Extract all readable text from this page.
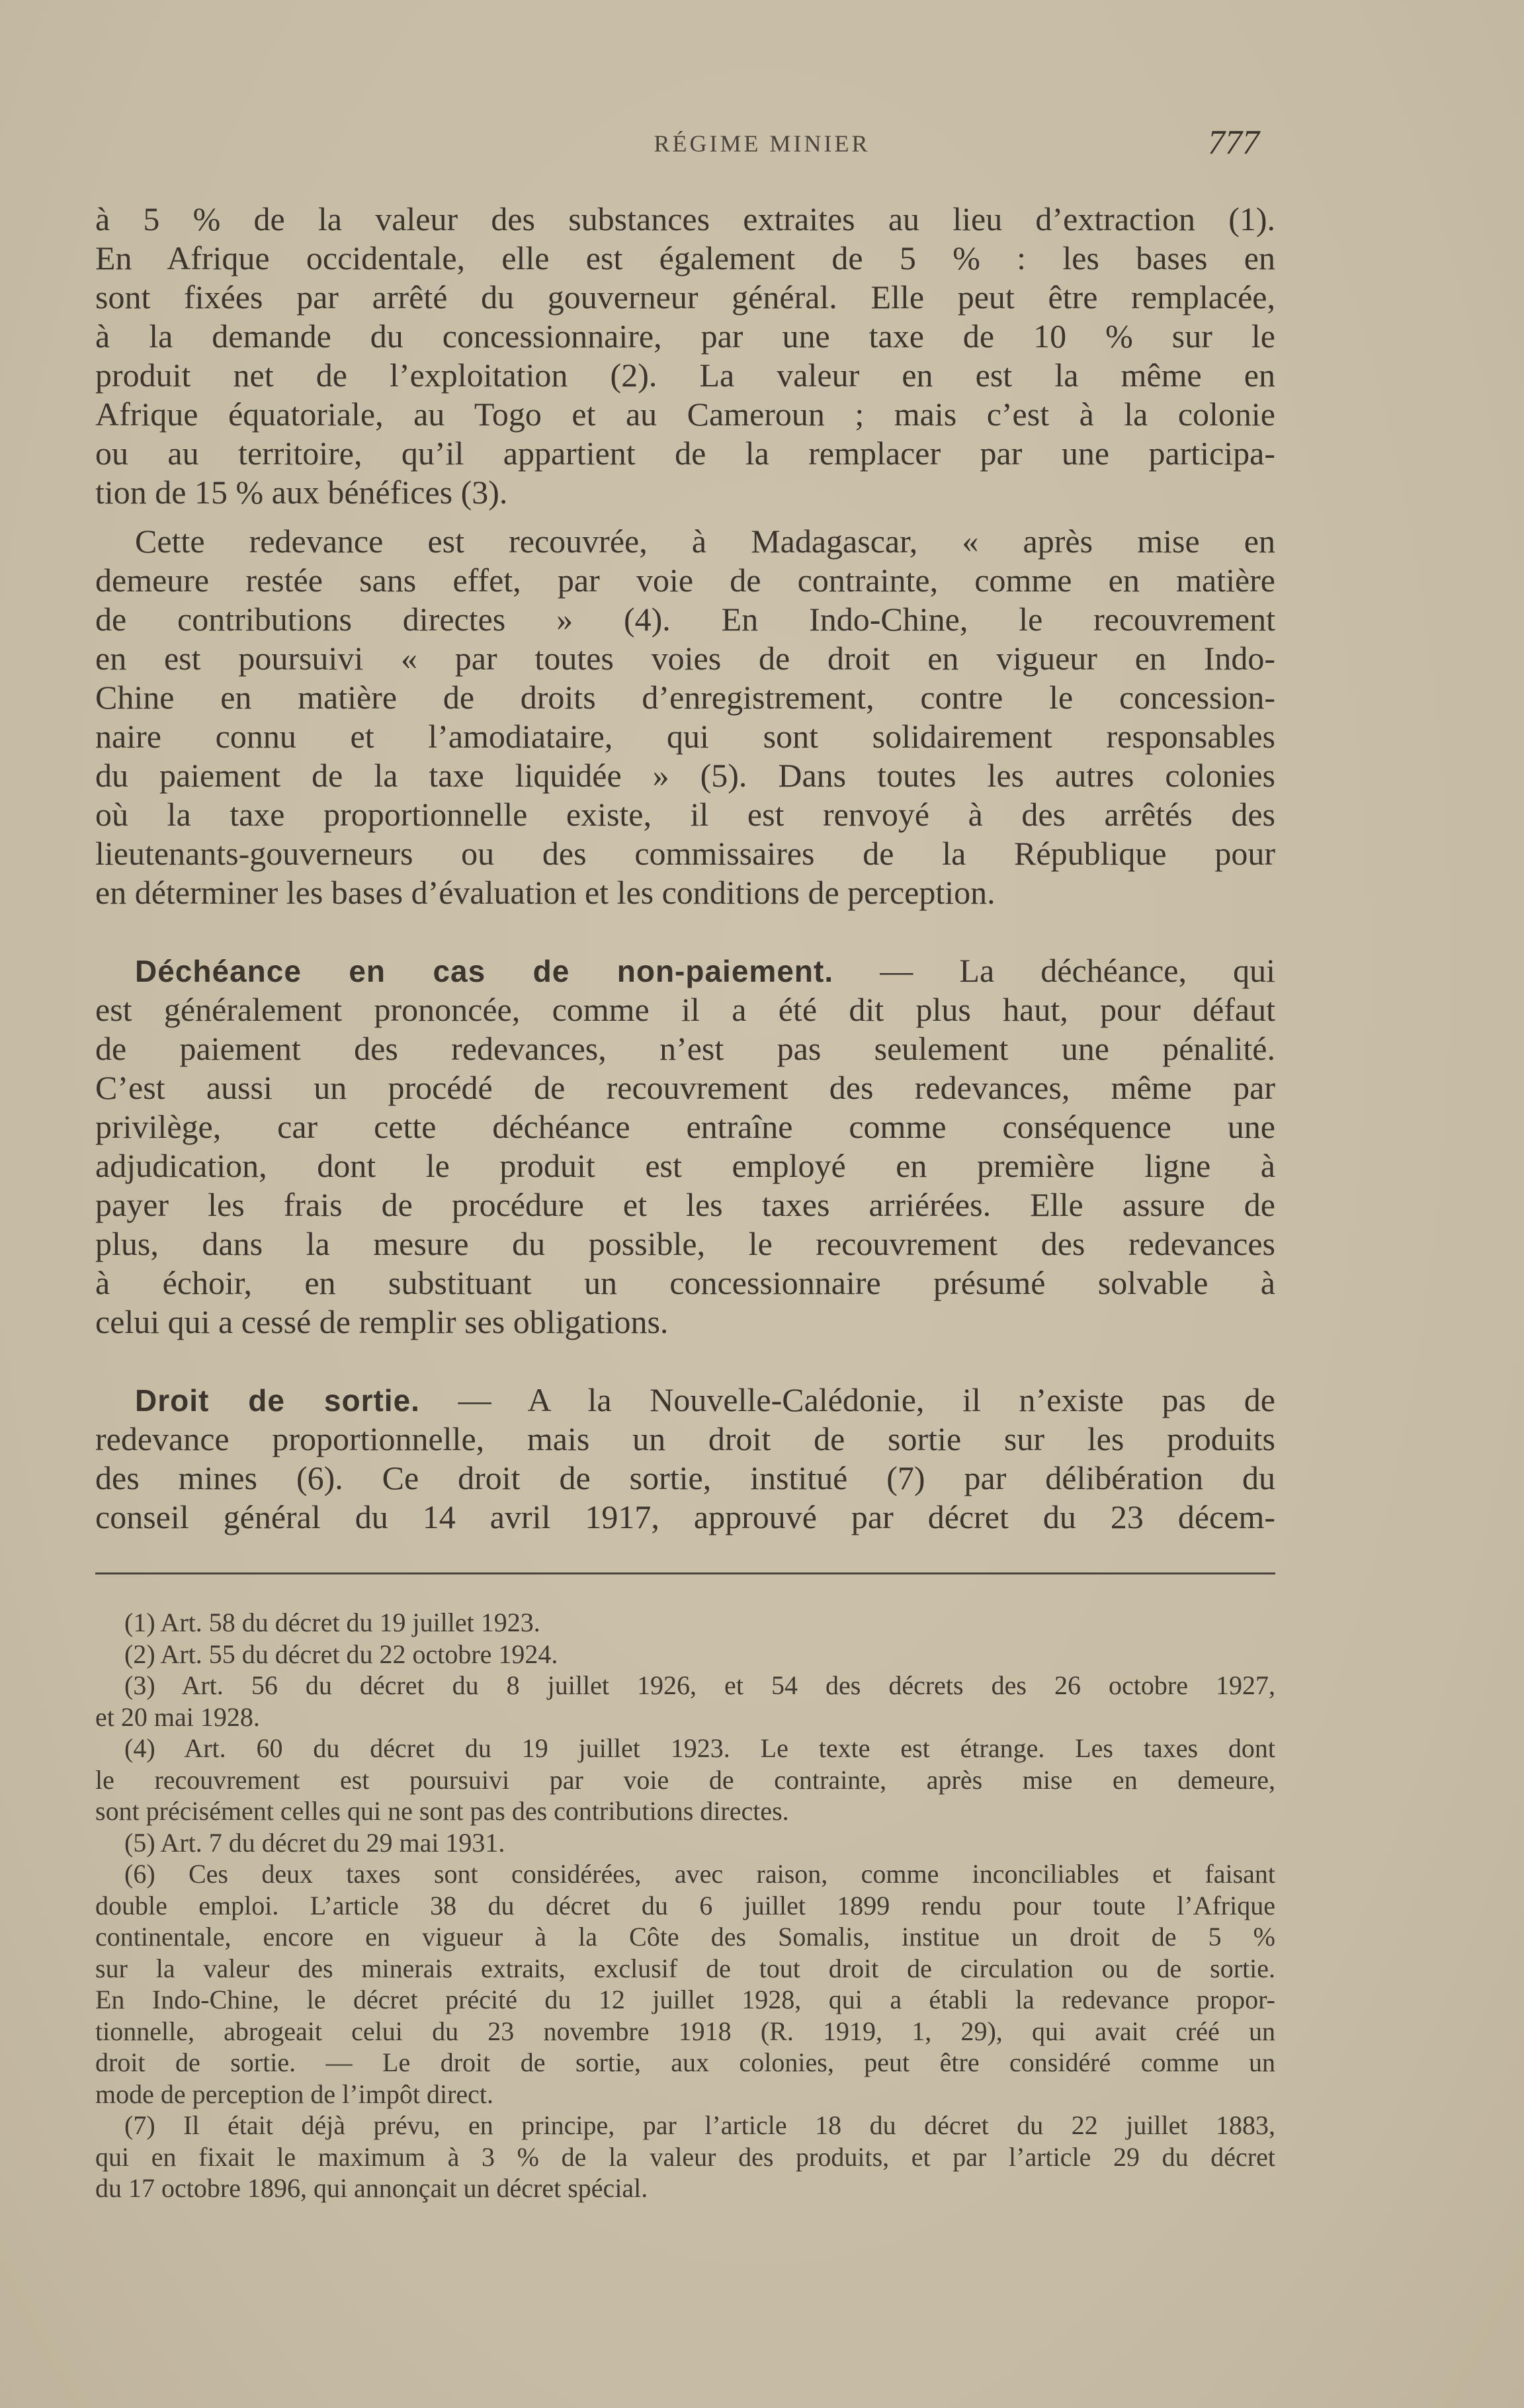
RÉGIME MINIER	777
à 5 % de la valeur des substances extraites au lieu d’extraction (1).
En Afrique occidentale, elle est également de 5 % : les bases en
sont fixées par arrêté du gouverneur général. Elle peut être remplacée,
à la demande du concessionnaire, par une taxe de 10 % sur le
produit net de l’exploitation (2). La valeur en est la même en
Afrique équatoriale, au Togo et au Cameroun ; mais c’est à la colonie
ou au territoire, qu’il appartient de la remplacer par une participa-
tion de 15 % aux bénéfices (3).
Cette redevance est recouvrée, à Madagascar, « après mise en
demeure restée sans effet, par voie de contrainte, comme en matière
de contributions directes » (4). En Indo-Chine, le recouvrement
en est poursuivi « par toutes voies de droit en vigueur en Indo-
Chine en matière de droits d’enregistrement, contre le concession-
naire connu et l’amodiataire, qui sont solidairement responsables
du paiement de la taxe liquidée » (5). Dans toutes les autres colonies
où la taxe proportionnelle existe, il est renvoyé à des arrêtés des
lieutenants-gouverneurs ou des commissaires de la République pour
en déterminer les bases d’évaluation et les conditions de perception.
Déchéance en cas de non-paiement. — La déchéance, qui
est généralement prononcée, comme il a été dit plus haut, pour défaut
de paiement des redevances, n’est pas seulement une pénalité.
C’est aussi un procédé de recouvrement des redevances, même par
privilège, car cette déchéance entraîne comme conséquence une
adjudication, dont le produit est employé en première ligne à
payer les frais de procédure et les taxes arriérées. Elle assure de
plus, dans la mesure du possible, le recouvrement des redevances
à échoir, en substituant un concessionnaire présumé solvable à
celui qui a cessé de remplir ses obligations.
Droit de sortie. — A la Nouvelle-Calédonie, il n’existe pas de
redevance proportionnelle, mais un droit de sortie sur les produits
des mines (6). Ce droit de sortie, institué (7) par délibération du
conseil général du 14 avril 1917, approuvé par décret du 23 décem-
(1) Art. 58 du décret du 19 juillet 1923.
(2) Art. 55 du décret du 22 octobre 1924.
(3) Art. 56 du décret du 8 juillet 1926, et 54 des décrets des 26 octobre 1927,
et 20 mai 1928.
(4) Art. 60 du décret du 19 juillet 1923. Le texte est étrange. Les taxes dont
le recouvrement est poursuivi par voie de contrainte, après mise en demeure,
sont précisément celles qui ne sont pas des contributions directes.
(5) Art. 7 du décret du 29 mai 1931.
(6) Ces deux taxes sont considérées, avec raison, comme inconciliables et faisant
double emploi. L’article 38 du décret du 6 juillet 1899 rendu pour toute l’Afrique
continentale, encore en vigueur à la Côte des Somalis, institue un droit de 5 %
sur la valeur des minerais extraits, exclusif de tout droit de circulation ou de sortie.
En Indo-Chine, le décret précité du 12 juillet 1928, qui a établi la redevance propor-
tionnelle, abrogeait celui du 23 novembre 1918 (R. 1919, 1, 29), qui avait créé un
droit de sortie. — Le droit de sortie, aux colonies, peut être considéré comme un
mode de perception de l’impôt direct.
(7) Il était déjà prévu, en principe, par l’article 18 du décret du 22 juillet 1883,
qui en fixait le maximum à 3 % de la valeur des produits, et par l’article 29 du décret
du 17 octobre 1896, qui annonçait un décret spécial.
